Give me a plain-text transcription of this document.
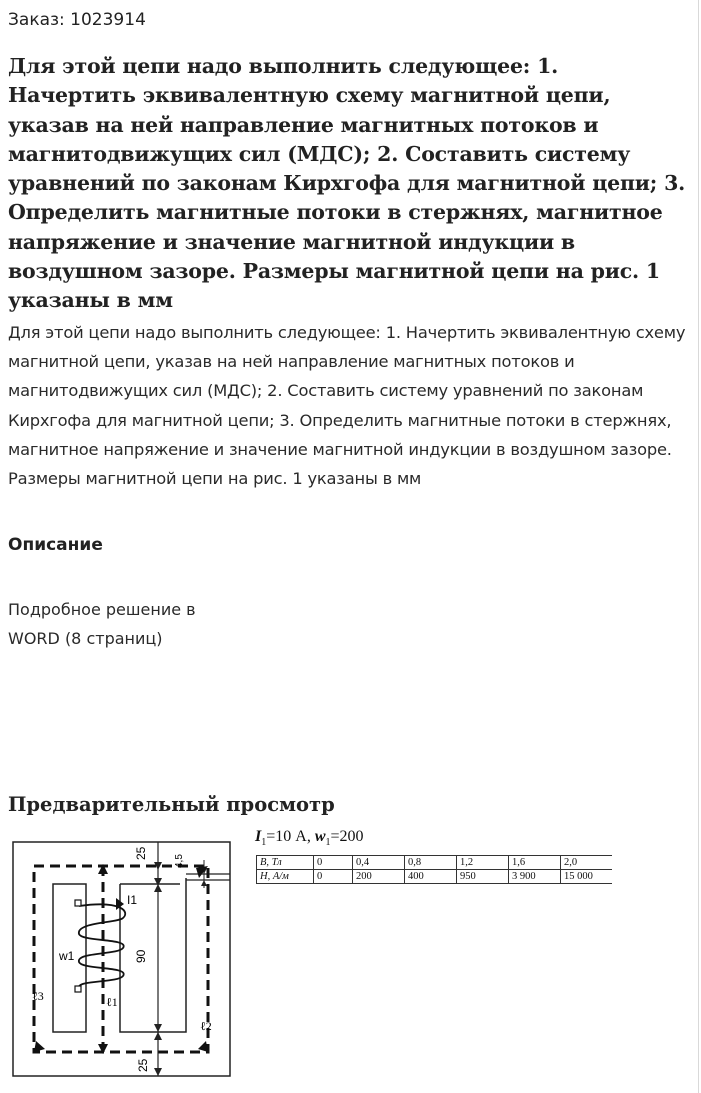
Заказ: 1023914
Для этой цепи надо выполнить следующее: 1. Начертить эквивалентную схему магнитной цепи, указав на ней направление магнитных потоков и магнитодвижущих сил (МДС); 2. Составить систему уравнений по законам Кирхгофа для магнитной цепи; 3. Определить магнитные потоки в стержнях, магнитное напряжение и значение магнитной индукции в воздушном зазоре. Размеры магнитной цепи на рис. 1 указаны в мм
Для этой цепи надо выполнить следующее: 1. Начертить эквивалентную схему магнитной цепи, указав на ней направление магнитных потоков и магнитодвижущих сил (МДС); 2. Составить систему уравнений по законам Кирхгофа для магнитной цепи; 3. Определить магнитные потоки в стержнях, магнитное напряжение и значение магнитной индукции в воздушном зазоре. Размеры магнитной цепи на рис. 1 указаны в мм
Описание
Подробное решение в WORD (8 страниц)
Предварительный просмотр
25
90
25
4,5
I1
w1
ℓ1
ℓ2
ℓ3
$I_1=10$ А, $w_1=200$
B, Тл	0	0,4	0,8	1,2	1,6	2,0
H, А/м	0	200	400	950	3 900	15 000
